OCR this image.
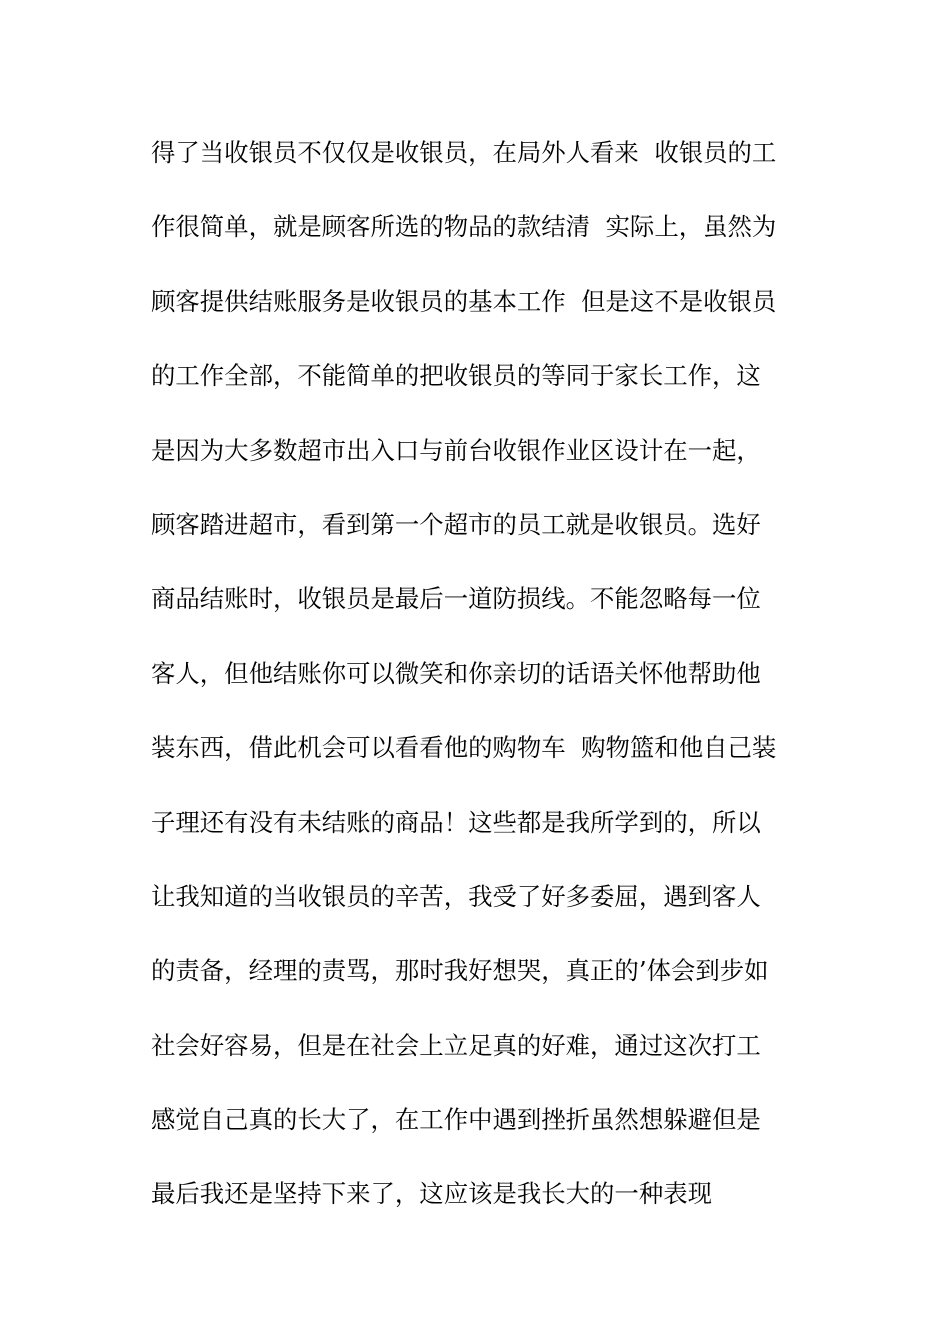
得了当收银员不仅仅是收银员，在局外人看来  收银员的工
作很简单，就是顾客所选的物品的款结清  实际上，虽然为
顾客提供结账服务是收银员的基本工作  但是这不是收银员
的工作全部，不能简单的把收银员的等同于家长工作，这
是因为大多数超市出入口与前台收银作业区设计在一起，
顾客踏进超市，看到第一个超市的员工就是收银员。选好
商品结账时，收银员是最后一道防损线。不能忽略每一位
客人，但他结账你可以微笑和你亲切的话语关怀他帮助他
装东西，借此机会可以看看他的购物车  购物篮和他自己装
子理还有没有未结账的商品！这些都是我所学到的，所以
让我知道的当收银员的辛苦，我受了好多委屈，遇到客人
的责备，经理的责骂，那时我好想哭，真正的’体会到步如
社会好容易，但是在社会上立足真的好难，通过这次打工
感觉自己真的长大了，在工作中遇到挫折虽然想躲避但是
最后我还是坚持下来了，这应该是我长大的一种表现
